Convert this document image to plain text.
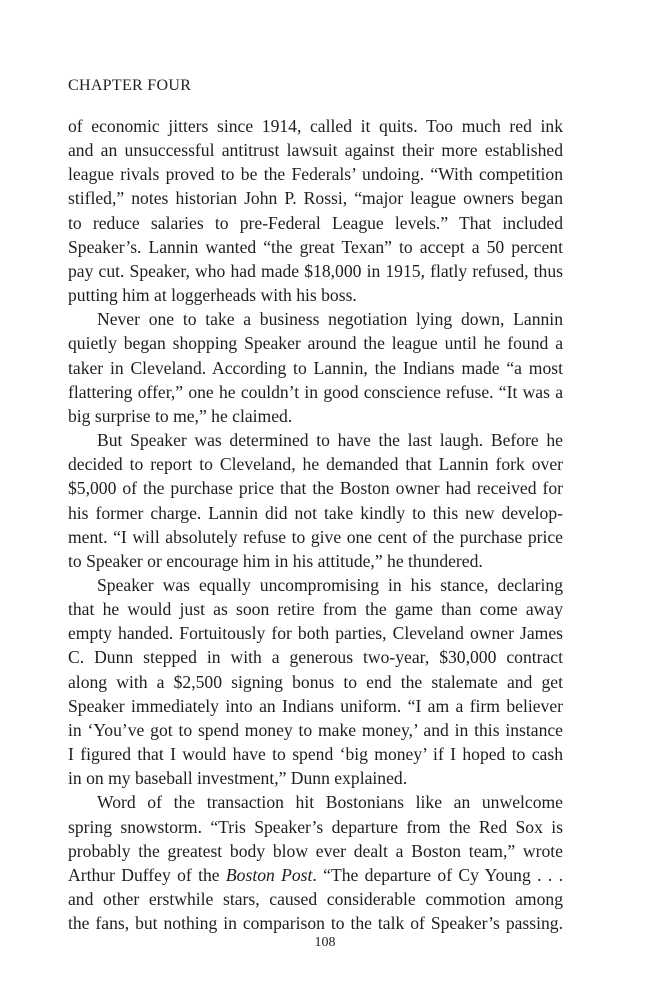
CHAPTER FOUR

of economic jitters since 1914, called it quits. Too much red ink
and an unsuccessful antitrust lawsuit against their more established
league rivals proved to be the Federals’ undoing. “With competition
stifled,” notes historian John P. Rossi, “major league owners began
to reduce salaries to pre-Federal League levels.” That included
Speaker’s. Lannin wanted “the great Texan” to accept a 50 percent
pay cut. Speaker, who had made $18,000 in 1915, flatly refused, thus
putting him at loggerheads with his boss.

Never one to take a business negotiation lying down, Lannin
quietly began shopping Speaker around the league until he found a
taker in Cleveland. According to Lannin, the Indians made “a most
flattering offer,” one he couldn’t in good conscience refuse. “It was a
big surprise to me,” he claimed.

But Speaker was determined to have the last laugh. Before he
decided to report to Cleveland, he demanded that Lannin fork over
$5,000 of the purchase price that the Boston owner had received for
his former charge. Lannin did not take kindly to this new develop-
ment. “I will absolutely refuse to give one cent of the purchase price
to Speaker or encourage him in his attitude,” he thundered.

Speaker was equally uncompromising in his stance, declaring
that he would just as soon retire from the game than come away
empty handed. Fortuitously for both parties, Cleveland owner James
C. Dunn stepped in with a generous two-year, $30,000 contract
along with a $2,500 signing bonus to end the stalemate and get
Speaker immediately into an Indians uniform. “I am a firm believer
in ‘You’ve got to spend money to make money,’ and in this instance
I figured that I would have to spend ‘big money’ if I hoped to cash
in on my baseball investment,” Dunn explained.

Word of the transaction hit Bostonians like an unwelcome
spring snowstorm. “Tris Speaker’s departure from the Red Sox is
probably the greatest body blow ever dealt a Boston team,” wrote
Arthur Duffey of the Boston Post. “The departure of Cy Young . . .
and other erstwhile stars, caused considerable commotion among
the fans, but nothing in comparison to the talk of Speaker’s passing.

108
